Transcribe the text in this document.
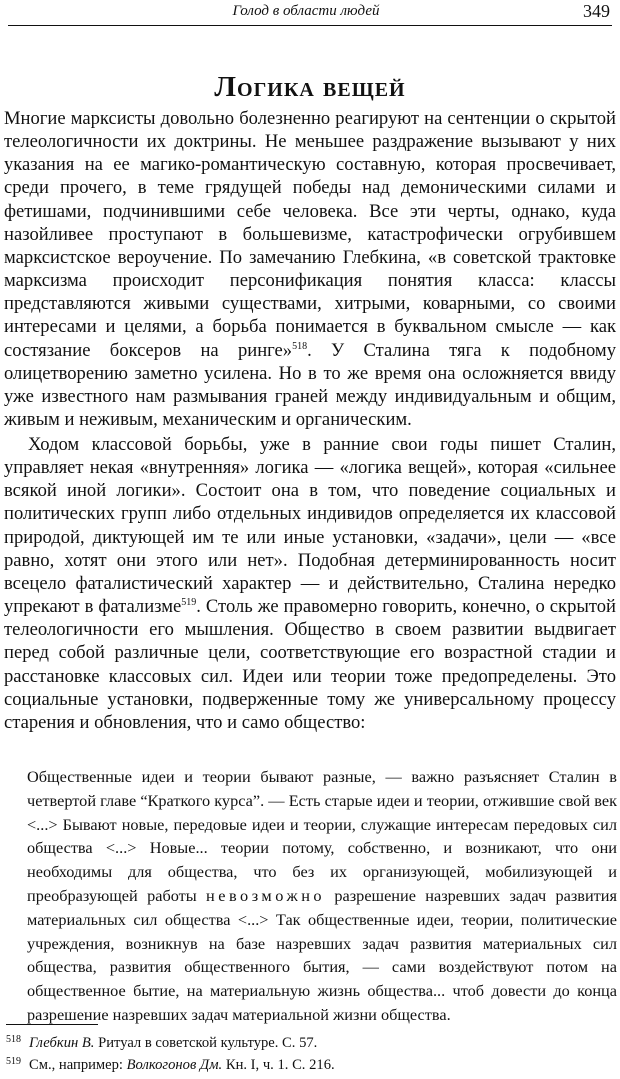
Голод в области людей	349
Логика вещей

Многие марксисты довольно болезненно реагируют на сентенции о скрытой телеологичности их доктрины. Не меньшее раздражение вызывают у них указания на ее магико-романтическую составную, которая просвечивает, среди прочего, в теме грядущей победы над демоническими силами и фетишами, подчинившими себе человека. Все эти черты, однако, куда назойливее проступают в большевизме, катастрофически огрубившем марксистское вероучение. По замечанию Глебкина, «в советской трактовке марксизма происходит персонификация понятия класса: классы представляются живыми существами, хитрыми, коварными, со своими интересами и целями, а борьба понимается в буквальном смысле — как состязание боксеров на ринге»$^{518}$. У Сталина тяга к подобному олицетворению заметно усилена. Но в то же время она осложняется ввиду уже известного нам размывания граней между индивидуальным и общим, живым и неживым, механическим и органическим.

Ходом классовой борьбы, уже в ранние свои годы пишет Сталин, управляет некая «внутренняя» логика — «логика вещей», которая «сильнее всякой иной логики». Состоит она в том, что поведение социальных и политических групп либо отдельных индивидов определяется их классовой природой, диктующей им те или иные установки, «задачи», цели — «все равно, хотят они этого или нет». Подобная детерминированность носит всецело фаталистический характер — и действительно, Сталина нередко упрекают в фатализме$^{519}$. Столь же правомерно говорить, конечно, о скрытой телеологичности его мышления. Общество в своем развитии выдвигает перед собой различные цели, соответствующие его возрастной стадии и расстановке классовых сил. Идеи или теории тоже предопределены. Это социальные установки, подверженные тому же универсальному процессу старения и обновления, что и само общество:

Общественные идеи и теории бывают разные, — важно разъясняет Сталин в четвертой главе “Краткого курса”. — Есть старые идеи и теории, отжившие свой век <...> Бывают новые, передовые идеи и теории, служащие интересам передовых сил общества <...> Новые... теории потому, собственно, и возникают, что они необходимы для общества, что без их организующей, мобилизующей и преобразующей работы невозможно разрешение назревших задач развития материальных сил общества <...> Так общественные идеи, теории, политические учреждения, возникнув на базе назревших задач развития материальных сил общества, развития общественного бытия, — сами воздействуют потом на общественное бытие, на материальную жизнь общества... чтоб довести до конца разрешение назревших задач материальной жизни общества.

$^{518}$ Глебкин В. Ритуал в советской культуре. С. 57.
$^{519}$ См., например: Волкогонов Дм. Кн. I, ч. 1. С. 216.
